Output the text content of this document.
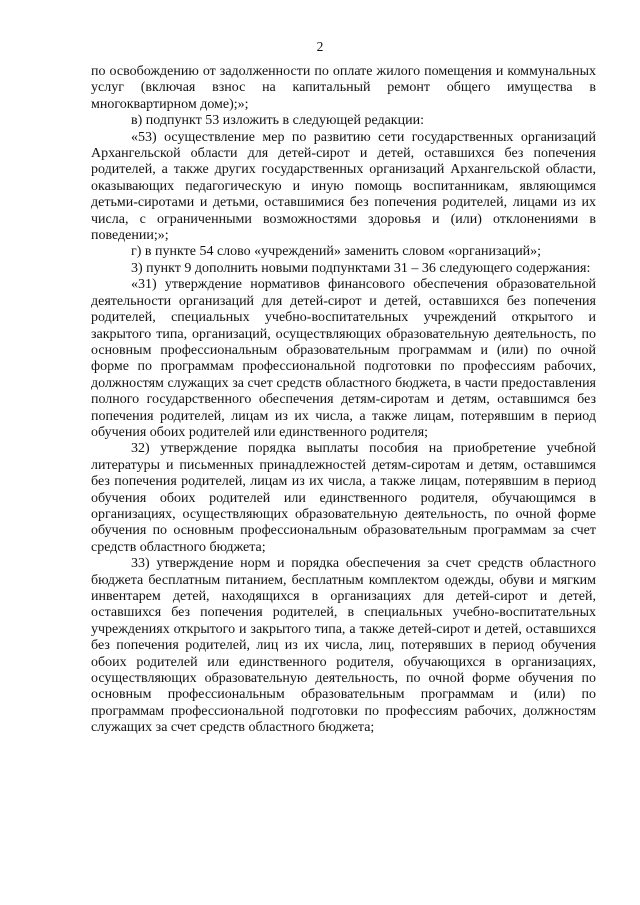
2

по освобождению от задолженности по оплате жилого помещения и коммунальных услуг (включая взнос на капитальный ремонт общего имущества в многоквартирном доме);»;

в) подпункт 53 изложить в следующей редакции:

«53) осуществление мер по развитию сети государственных организаций Архангельской области для детей-сирот и детей, оставшихся без попечения родителей, а также других государственных организаций Архангельской области, оказывающих педагогическую и иную помощь воспитанникам, являющимся детьми-сиротами и детьми, оставшимися без попечения родителей, лицами из их числа, с ограниченными возможностями здоровья и (или) отклонениями в поведении;»;

г) в пункте 54 слово «учреждений» заменить словом «организаций»;

3) пункт 9 дополнить новыми подпунктами 31 – 36 следующего содержания:

«31) утверждение нормативов финансового обеспечения образовательной деятельности организаций для детей-сирот и детей, оставшихся без попечения родителей, специальных учебно-воспитательных учреждений открытого и закрытого типа, организаций, осуществляющих образовательную деятельность, по основным профессиональным образовательным программам и (или) по очной форме по программам профессиональной подготовки по профессиям рабочих, должностям служащих за счет средств областного бюджета, в части предоставления полного государственного обеспечения детям-сиротам и детям, оставшимся без попечения родителей, лицам из их числа, а также лицам, потерявшим в период обучения обоих родителей или единственного родителя;

32) утверждение порядка выплаты пособия на приобретение учебной литературы и письменных принадлежностей детям-сиротам и детям, оставшимся без попечения родителей, лицам из их числа, а также лицам, потерявшим в период обучения обоих родителей или единственного родителя, обучающимся в организациях, осуществляющих образовательную деятельность, по очной форме обучения по основным профессиональным образовательным программам за счет средств областного бюджета;

33) утверждение норм и порядка обеспечения за счет средств областного бюджета бесплатным питанием, бесплатным комплектом одежды, обуви и мягким инвентарем детей, находящихся в организациях для детей-сирот и детей, оставшихся без попечения родителей, в специальных учебно-воспитательных учреждениях открытого и закрытого типа, а также детей-сирот и детей, оставшихся без попечения родителей, лиц из их числа, лиц, потерявших в период обучения обоих родителей или единственного родителя, обучающихся в организациях, осуществляющих образовательную деятельность, по очной форме обучения по основным профессиональным образовательным программам и (или) по программам профессиональной подготовки по профессиям рабочих, должностям служащих за счет средств областного бюджета;
